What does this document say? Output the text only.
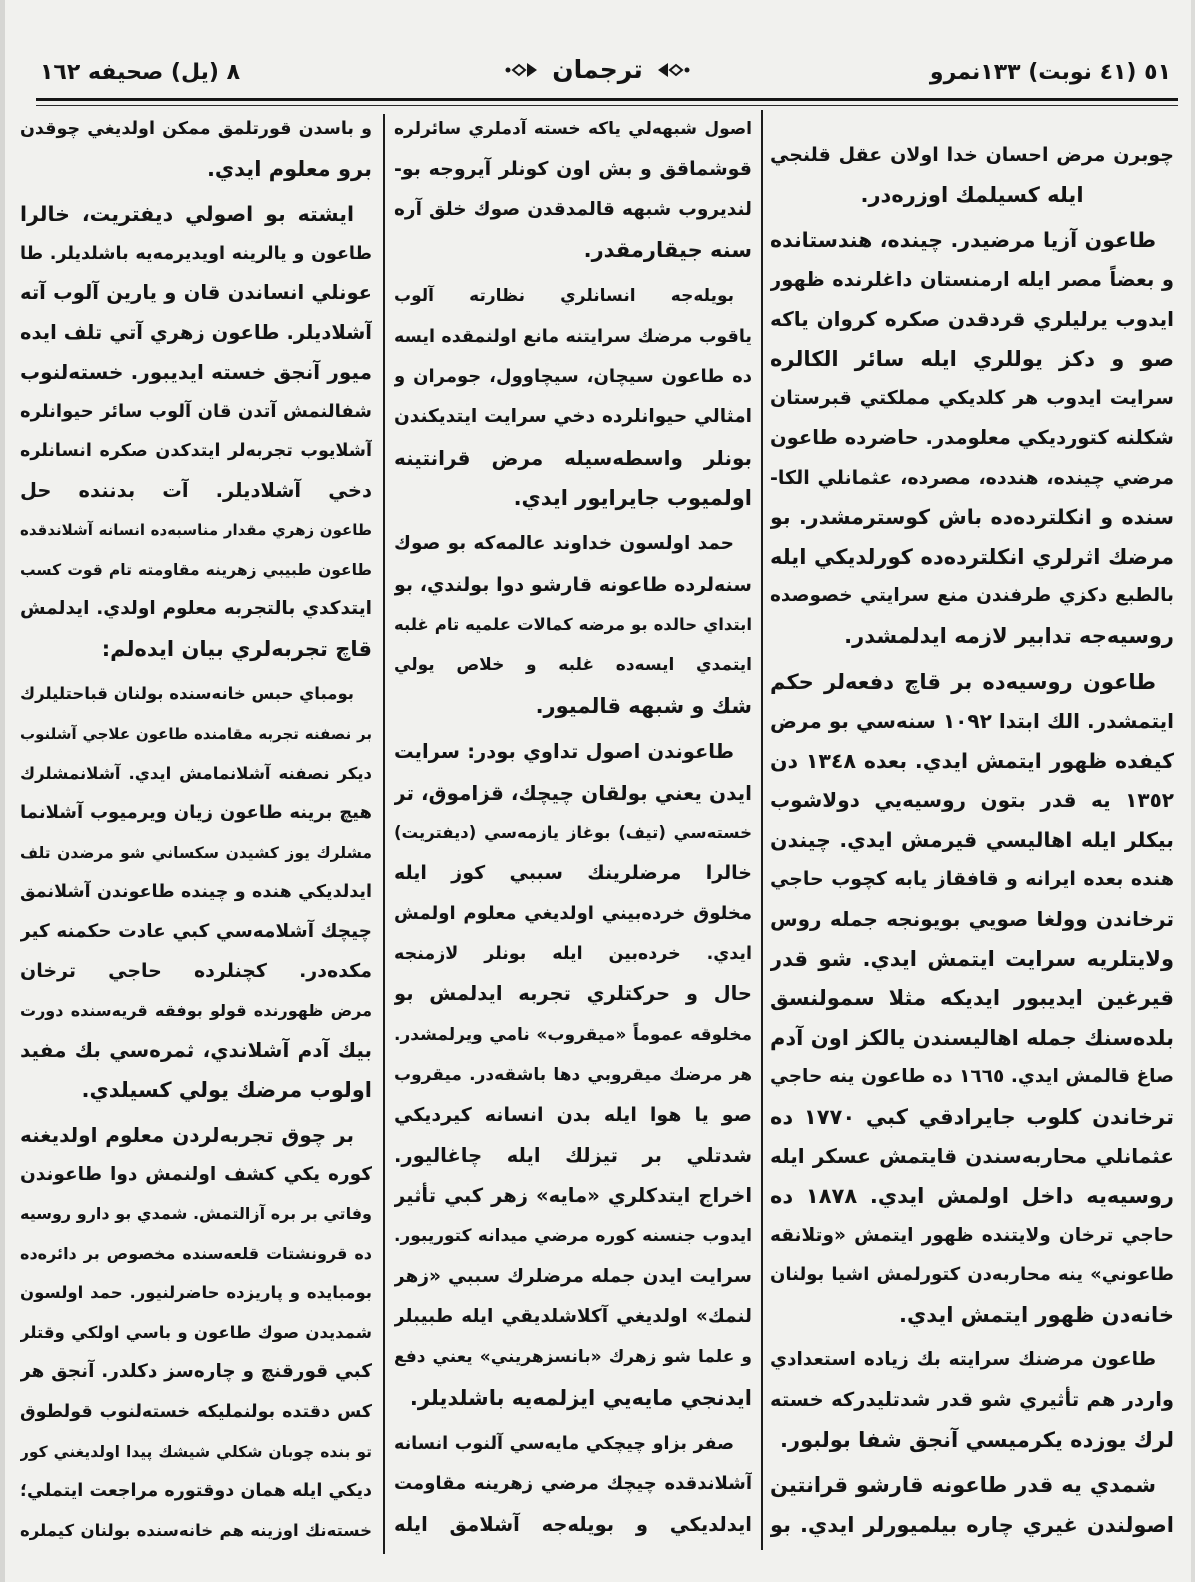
٥١ (٤١ نوبت) ١٣٣نمرو
ترجمان
٨ (يل) صحيفه ١٦٢
چوبرن مرض احسان خدا اولان عقل قلنجي
ايله كسيلمك اوزره‌در.
طاعون آزيا مرضيدر. چينده، هندستانده
و بعضاً مصر ايله ارمنستان داغلرنده ظهور
ايدوب يرليلري قردقدن صكره كروان ياكه
صو و دكز يوللري ايله سائر الكالره
سرايت ايدوب هر كلديكي مملكتي قبرستان
شكلنه كتورديكي معلومدر. حاضرده طاعون
مرضي چينده، هندده، مصرده، عثمانلي الكا-
سنده و انكلترده‌ده باش كوسترمشدر. بو
مرضك اثرلري انكلترده‌ده كورلديكي ايله
بالطبع دكزي طرفندن منع سرايتي خصوصده
روسيه‌جه تدابير لازمه ايدلمشدر.
طاعون روسيه‌ده بر قاچ دفعه‌لر حكم
ايتمشدر. الك ابتدا ١٠٩٢ سنه‌سي بو مرض
كيفده ظهور ايتمش ايدي. بعده ١٣٤٨ دن
١٣٥٢ يه قدر بتون روسيه‌يي دولاشوب
بيكلر ايله اهاليسي قيرمش ايدي. چيندن
هنده بعده ايرانه و قافقاز يابه كچوب حاجي
ترخاندن وولغا صويي بويونجه جمله روس
ولايتلريه سرايت ايتمش ايدي. شو قدر
قيرغين ايديبور ايديكه مثلا سمولنسق
بلده‌سنك جمله اهاليسندن يالكز اون آدم
صاغ قالمش ايدي. ١٦٦٥ ده طاعون ينه حاجي
ترخاندن كلوب جايرادقي كبي ١٧٧٠ ده
عثمانلي محاربه‌سندن قايتمش عسكر ايله
روسيه‌يه داخل اولمش ايدي. ١٨٧٨ ده
حاجي ترخان ولايتنده ظهور ايتمش «وتلانقه
طاعوني» ينه محاربه‌دن كتورلمش اشيا بولنان
خانه‌دن ظهور ايتمش ايدي.
طاعون مرضنك سرايته بك زياده استعدادي
واردر هم تأثيري شو قدر شدتليدركه خسته
لرك يوزده يكرميسي آنجق شفا بولبور.
شمدي يه قدر طاعونه قارشو قرانتين
اصولندن غيري چاره بيلميورلر ايدي. بو
اصول شبهه‌لي ياكه خسته آدملري سائرلره
قوشماقق و بش اون كونلر آيروجه بو-
لنديروب شبهه قالمدقدن صوك خلق آره
سنه جيقارمقدر.
بويله‌جه انسانلري نظارته آلوب
ياقوب مرضك سرايتنه مانع اولنمقده ايسه
ده طاعون سيچان، سيچاوول، جومران و
امثالي حيوانلرده دخي سرايت ايتديكندن
بونلر واسطه‌سيله مرض قرانتينه
اولميوب جايرايور ايدي.
حمد اولسون خداوند عالمه‌كه بو صوك
سنه‌لرده طاعونه قارشو دوا بولندي، بو
ابتداي حالده بو مرضه كمالات علميه تام غلبه
ايتمدي ايسه‌ده غلبه و خلاص يولي
شك و شبهه قالميور.
طاعوندن اصول تداوي بودر: سرايت
ايدن يعني بولقان چيچك، قزاموق، تر
خسته‌سي (تيف) بوغاز يازمه‌سي (ديفتريت)
خالرا مرضلرينك سببي كوز ايله
مخلوق خرده‌بيني اولديغي معلوم اولمش
ايدي. خرده‌بين ايله بونلر لازمنجه
حال و حركتلري تجربه ايدلمش بو
مخلوقه عموماً «ميقروب» نامي ويرلمشدر.
هر مرضك ميقروبي دها باشقه‌در. ميقروب
صو يا هوا ايله بدن انسانه كيرديكي
شدتلي بر تيزلك ايله چاغاليور.
اخراج ايتدكلري «مايه» زهر كبي تأثير
ايدوب جنسنه كوره مرضي ميدانه كتوريبور.
سرايت ايدن جمله مرضلرك سببي «زهر
لنمك» اولديغي آكلاشلديقي ايله طبيبلر
و علما شو زهرك «بانسزهريني» يعني دفع
ايدنجي مايه‌يي ايزلمه‌يه باشلديلر.
صفر بزاو چيچكي مايه‌سي آلنوب انسانه
آشلاندقده چيچك مرضي زهرينه مقاومت
ايدلديكي و بويله‌جه آشلامق ايله
و باسدن قورتلمق ممكن اولديغي چوقدن
برو معلوم ايدي.
ايشته بو اصولي ديفتريت، خالرا
طاعون و يالرينه اويديرمه‌يه باشلديلر. طا
عونلي انساندن قان و يارين آلوب آته
آشلاديلر. طاعون زهري آتي تلف ايده
ميور آنجق خسته ايديبور. خسته‌لنوب
شفالنمش آتدن قان آلوب سائر حيوانلره
آشلايوب تجربه‌لر ايتدكدن صكره انسانلره
دخي آشلاديلر. آت بدننده حل
طاعون زهري مقدار مناسبه‌ده انسانه آشلاندقده
طاعون طبيبي زهرينه مقاومته تام قوت كسب
ايتدكدي بالتجربه معلوم اولدي. ايدلمش
قاچ تجربه‌لري بيان ايده‌لم:
بومباي حبس خانه‌سنده بولنان قباحتليلرك
بر نصفنه تجربه مقامنده طاعون علاجي آشلنوب
ديكر نصفنه آشلانمامش ايدي. آشلانمشلرك
هيچ برينه طاعون زيان ويرميوب آشلانما
مشلرك يوز كشيدن سكساني شو مرضدن تلف
ايدلديكي هنده و چينده طاعوندن آشلانمق
چيچك آشلامه‌سي كبي عادت حكمنه كير
مكده‌در. كچنلرده حاجي ترخان
مرض ظهورنده قولو بوفقه قريه‌سنده دورت
بيك آدم آشلاندي، ثمره‌سي بك مفيد
اولوب مرضك يولي كسيلدي.
بر چوق تجربه‌لردن معلوم اولديغنه
كوره يكي كشف اولنمش دوا طاعوندن
وفاتي بر بره آزالتمش. شمدي بو دارو روسيه
ده قرونشتات قلعه‌سنده مخصوص بر دائره‌ده
بومبايده و پاريزده حاضرلنيور. حمد اولسون
شمديدن صوك طاعون و باسي اولكي وقتلر
كبي قورقنچ و چاره‌سز دكلدر. آنجق هر
كس دقتده بولنمليكه خسته‌لنوب قولطوق
تو بنده چوبان شكلي شيشك پيدا اولديغني كور
ديكي ايله همان دوقتوره مراجعت ايتملي؛
خسته‌نك اوزينه هم خانه‌سنده بولنان كيملره
